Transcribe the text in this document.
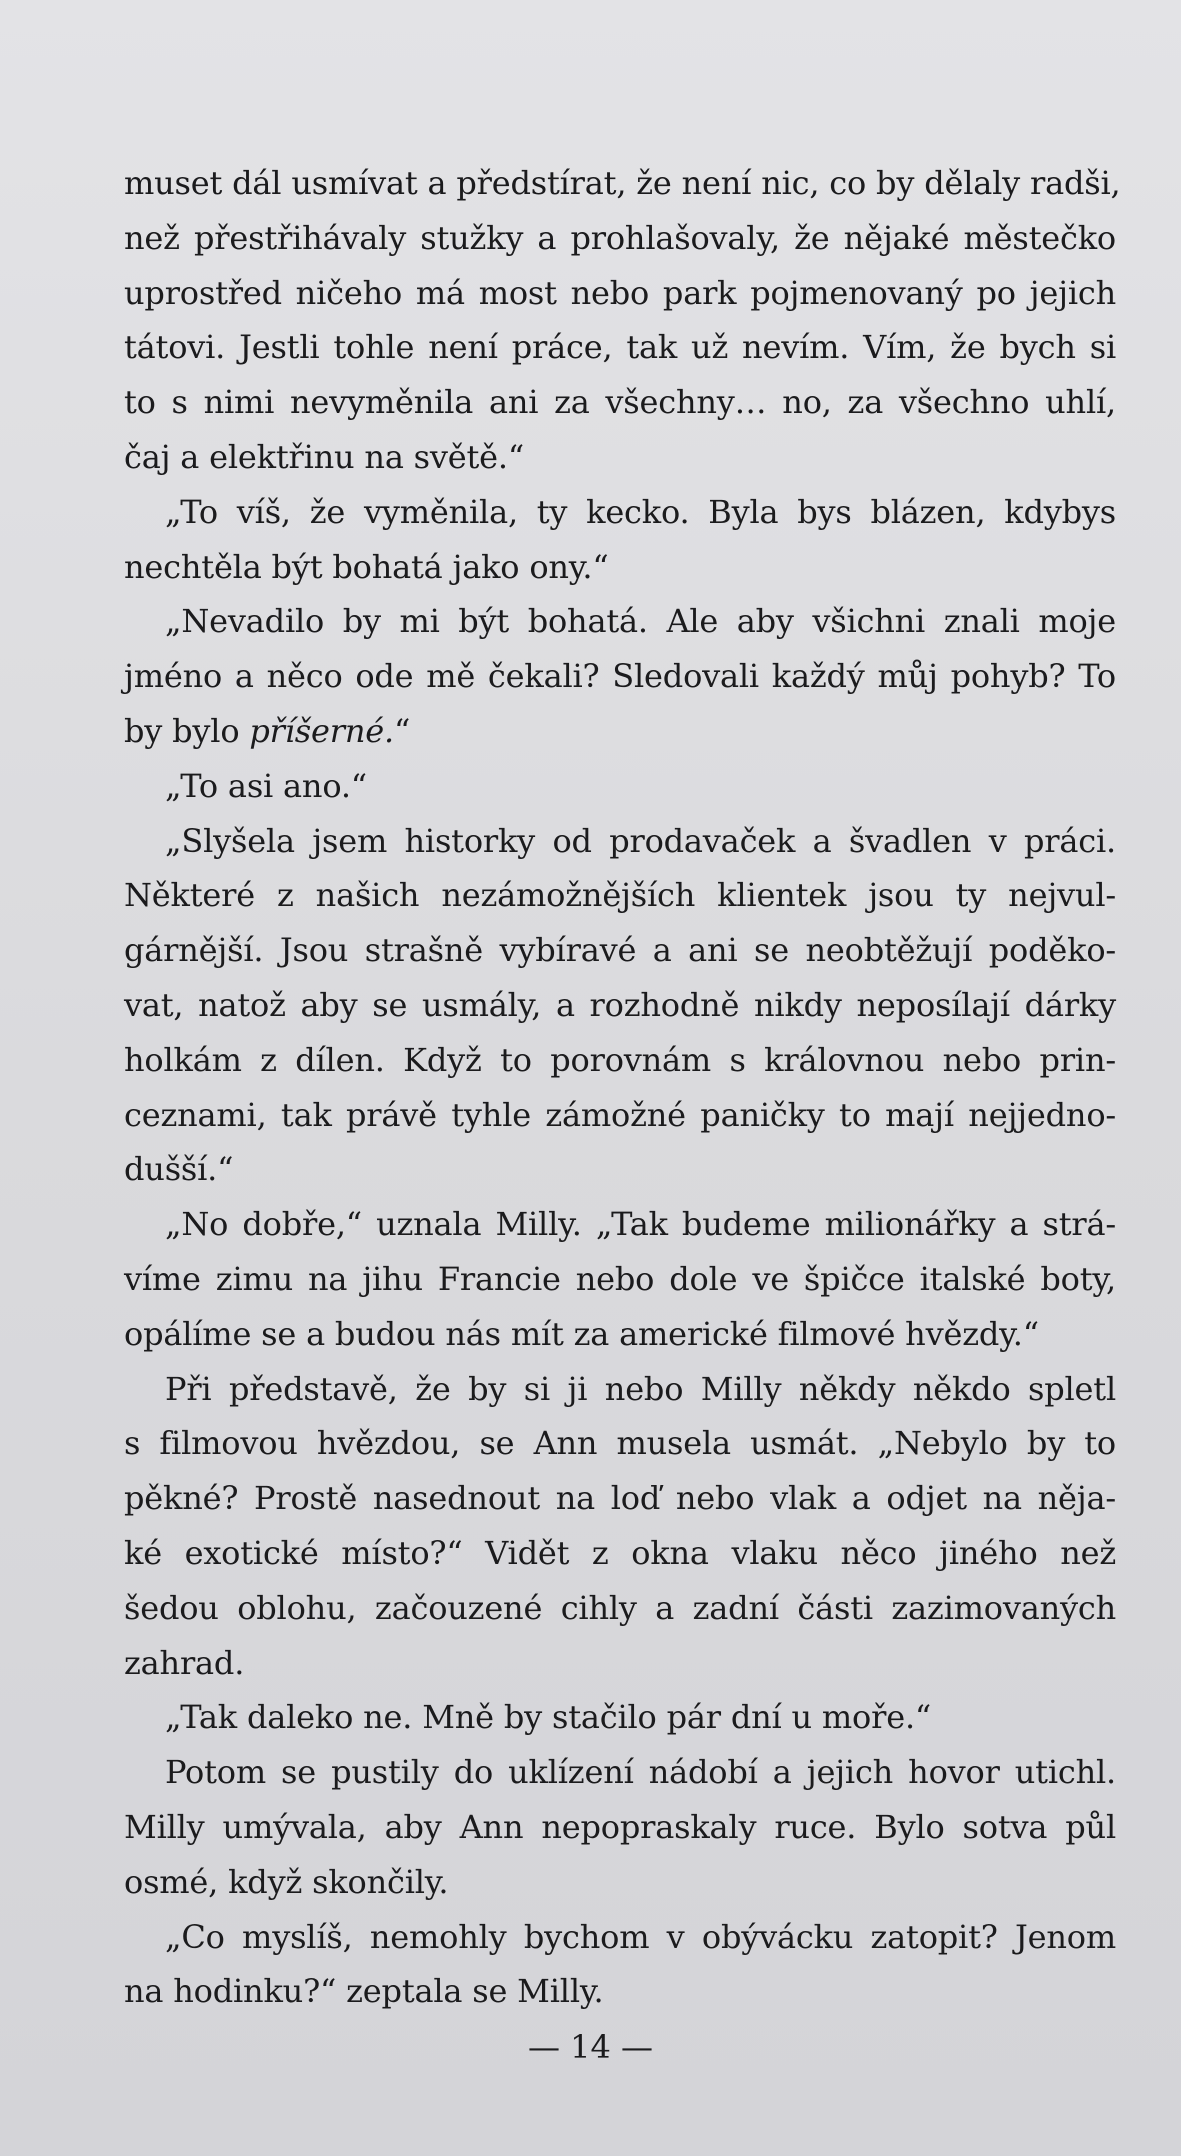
muset dál usmívat a předstírat, že není nic, co by dělaly radši,
než přestřihávaly stužky a prohlašovaly, že nějaké městečko
uprostřed ničeho má most nebo park pojmenovaný po jejich
tátovi. Jestli tohle není práce, tak už nevím. Vím, že bych si
to s nimi nevyměnila ani za všechny… no, za všechno uhlí,
čaj a elektřinu na světě.“
„To víš, že vyměnila, ty kecko. Byla bys blázen, kdybys
nechtěla být bohatá jako ony.“
„Nevadilo by mi být bohatá. Ale aby všichni znali moje
jméno a něco ode mě čekali? Sledovali každý můj pohyb? To
by bylo příšerné.“
„To asi ano.“
„Slyšela jsem historky od prodavaček a švadlen v práci.
Některé z našich nezámožnějších klientek jsou ty nejvul-
gárnější. Jsou strašně vybíravé a ani se neobtěžují poděko-
vat, natož aby se usmály, a rozhodně nikdy neposílají dárky
holkám z dílen. Když to porovnám s královnou nebo prin-
ceznami, tak právě tyhle zámožné paničky to mají nejjedno-
dušší.“
„No dobře,“ uznala Milly. „Tak budeme milionářky a strá-
víme zimu na jihu Francie nebo dole ve špičce italské boty,
opálíme se a budou nás mít za americké filmové hvězdy.“
Při představě, že by si ji nebo Milly někdy někdo spletl
s filmovou hvězdou, se Ann musela usmát. „Nebylo by to
pěkné? Prostě nasednout na loď nebo vlak a odjet na něja-
ké exotické místo?“ Vidět z okna vlaku něco jiného než
šedou oblohu, začouzené cihly a zadní části zazimovaných
zahrad.
„Tak daleko ne. Mně by stačilo pár dní u moře.“
Potom se pustily do uklízení nádobí a jejich hovor utichl.
Milly umývala, aby Ann nepopraskaly ruce. Bylo sotva půl
osmé, když skončily.
„Co myslíš, nemohly bychom v obývácku zatopit? Jenom
na hodinku?“ zeptala se Milly.
— 14 —
